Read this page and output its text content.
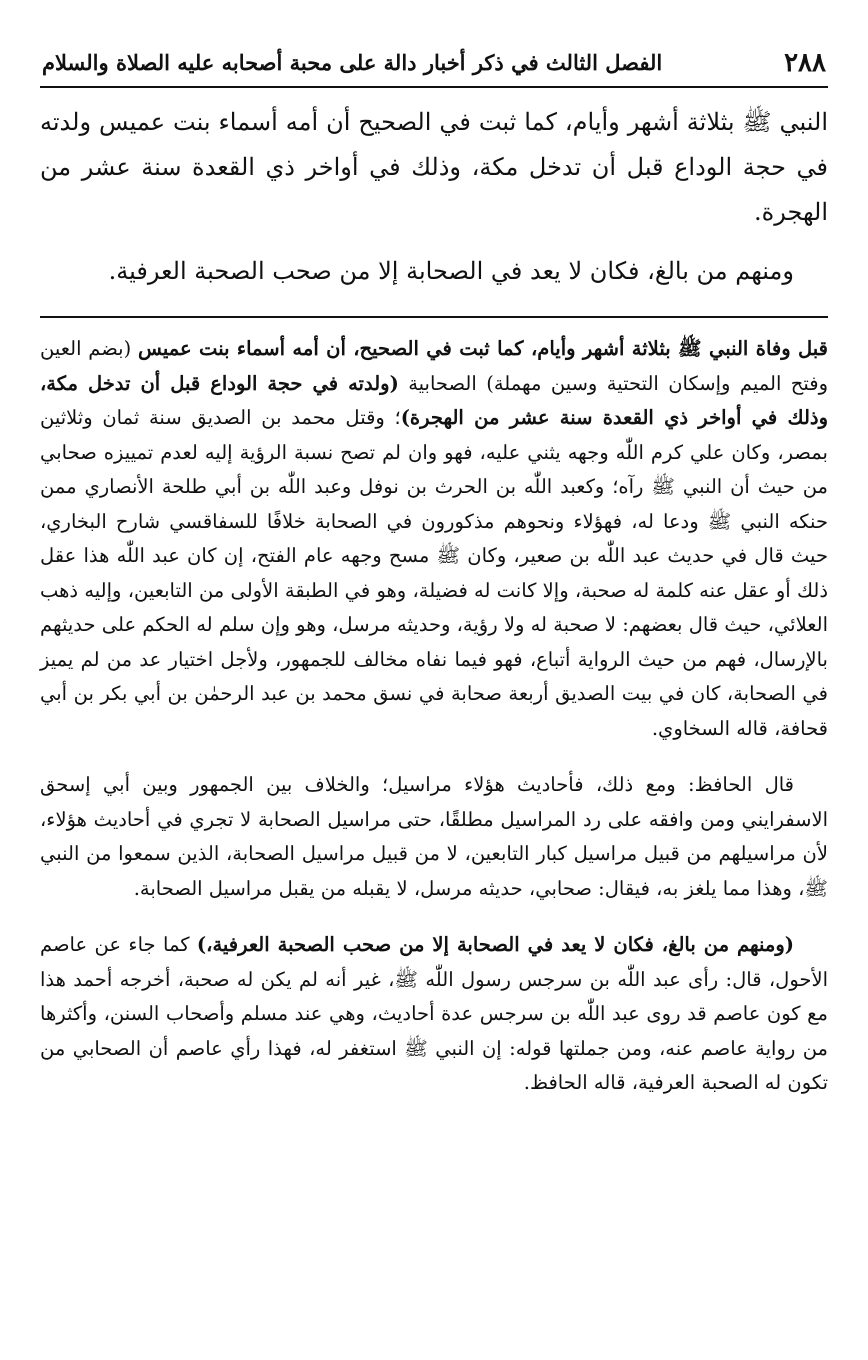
٢٨٨
الفصل الثالث في ذكر أخبار دالة على محبة أصحابه عليه الصلاة والسلام

النبي ﷺ بثلاثة أشهر وأيام، كما ثبت في الصحيح أن أمه أسماء بنت عميس ولدته في حجة الوداع قبل أن تدخل مكة، وذلك في أواخر ذي القعدة سنة عشر من الهجرة.

ومنهم من بالغ، فكان لا يعد في الصحابة إلا من صحب الصحبة العرفية.

قبل وفاة النبي ﷺ بثلاثة أشهر وأيام، كما ثبت في الصحيح، أن أمه أسماء بنت عميس (بضم العين وفتح الميم وإسكان التحتية وسين مهملة) الصحابية (ولدته في حجة الوداع قبل أن تدخل مكة، وذلك في أواخر ذي القعدة سنة عشر من الهجرة)؛ وقتل محمد بن الصديق سنة ثمان وثلاثين بمصر، وكان علي كرم اللّٰه وجهه يثني عليه، فهو وان لم تصح نسبة الرؤية إليه لعدم تمييزه صحابي من حيث أن النبي ﷺ رآه؛ وكعبد اللّٰه بن الحرث بن نوفل وعبد اللّٰه بن أبي طلحة الأنصاري ممن حنكه النبي ﷺ ودعا له، فهؤلاء ونحوهم مذكورون في الصحابة خلافًا للسفاقسي شارح البخاري، حيث قال في حديث عبد اللّٰه بن صعير، وكان ﷺ مسح وجهه عام الفتح، إن كان عبد اللّٰه هذا عقل ذلك أو عقل عنه كلمة له صحبة، وإلا كانت له فضيلة، وهو في الطبقة الأولى من التابعين، وإليه ذهب العلائي، حيث قال بعضهم: لا صحبة له ولا رؤية، وحديثه مرسل، وهو وإن سلم له الحكم على حديثهم بالإرسال، فهم من حيث الرواية أتباع، فهو فيما نفاه مخالف للجمهور، ولأجل اختيار عد من لم يميز في الصحابة، كان في بيت الصديق أربعة صحابة في نسق محمد بن عبد الرحمٰن بن أبي بكر بن أبي قحافة، قاله السخاوي.

قال الحافظ: ومع ذلك، فأحاديث هؤلاء مراسيل؛ والخلاف بين الجمهور وبين أبي إسحق الاسفرايني ومن وافقه على رد المراسيل مطلقًا، حتى مراسيل الصحابة لا تجري في أحاديث هؤلاء، لأن مراسيلهم من قبيل مراسيل كبار التابعين، لا من قبيل مراسيل الصحابة، الذين سمعوا من النبي ﷺ، وهذا مما يلغز به، فيقال: صحابي، حديثه مرسل، لا يقبله من يقبل مراسيل الصحابة.

(ومنهم من بالغ، فكان لا يعد في الصحابة إلا من صحب الصحبة العرفية،) كما جاء عن عاصم الأحول، قال: رأى عبد اللّٰه بن سرجس رسول اللّٰه ﷺ، غير أنه لم يكن له صحبة، أخرجه أحمد هذا مع كون عاصم قد روى عبد اللّٰه بن سرجس عدة أحاديث، وهي عند مسلم وأصحاب السنن، وأكثرها من رواية عاصم عنه، ومن جملتها قوله: إن النبي ﷺ استغفر له، فهذا رأي عاصم أن الصحابي من تكون له الصحبة العرفية، قاله الحافظ.
